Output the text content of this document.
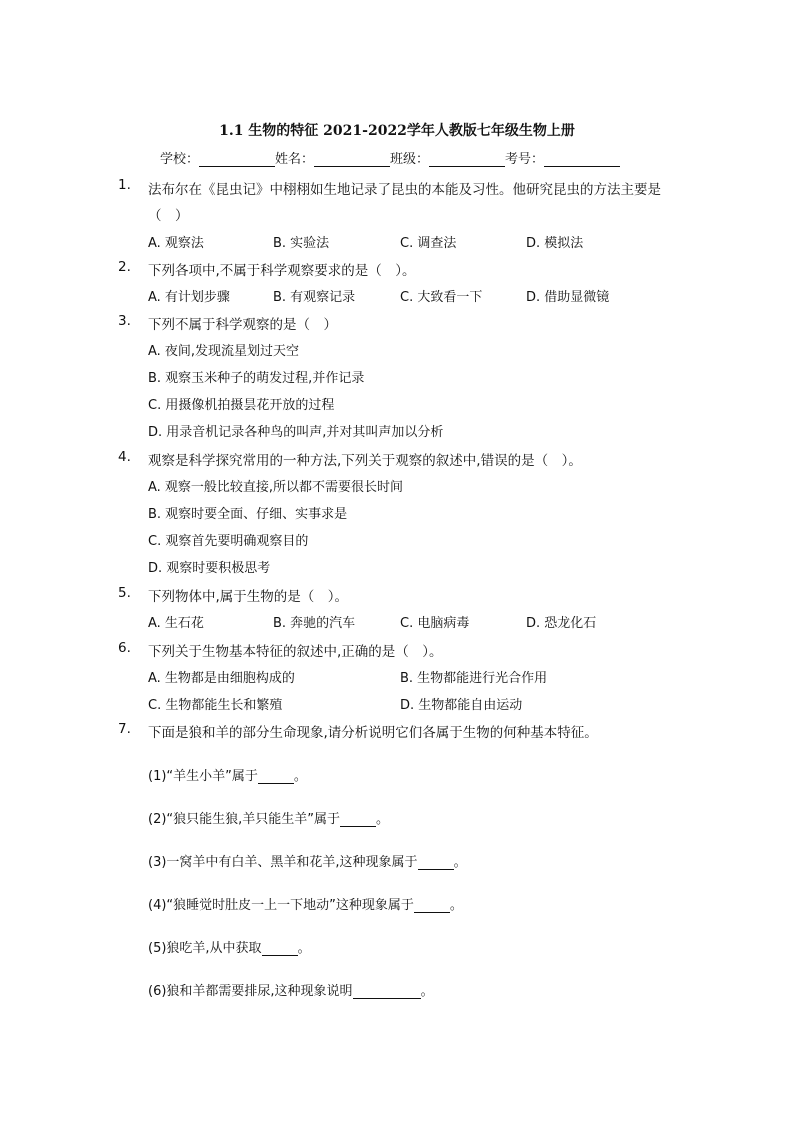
1.1 生物的特征 2021-2022学年人教版七年级生物上册
学校：	姓名：	班级：	考号：
1.	法布尔在《昆虫记》中栩栩如生地记录了昆虫的本能及习性。他研究昆虫的方法主要是（　）
A. 观察法	B. 实验法	C. 调查法	D. 模拟法
2.	下列各项中,不属于科学观察要求的是（　）。
A. 有计划步骤	B. 有观察记录	C. 大致看一下	D. 借助显微镜
3.	下列不属于科学观察的是（　）
A. 夜间,发现流星划过天空
B. 观察玉米种子的萌发过程,并作记录
C. 用摄像机拍摄昙花开放的过程
D. 用录音机记录各种鸟的叫声,并对其叫声加以分析
4.	观察是科学探究常用的一种方法,下列关于观察的叙述中,错误的是（　）。
A. 观察一般比较直接,所以都不需要很长时间
B. 观察时要全面、仔细、实事求是
C. 观察首先要明确观察目的
D. 观察时要积极思考
5.	下列物体中,属于生物的是（　）。
A. 生石花	B. 奔驰的汽车	C. 电脑病毒	D. 恐龙化石
6.	下列关于生物基本特征的叙述中,正确的是（　）。
A. 生物都是由细胞构成的	B. 生物都能进行光合作用
C. 生物都能生长和繁殖	D. 生物都能自由运动
7.	下面是狼和羊的部分生命现象,请分析说明它们各属于生物的何种基本特征。
(1)“羊生小羊”属于	。
(2)“狼只能生狼,羊只能生羊”属于	。
(3)一窝羊中有白羊、黑羊和花羊,这种现象属于	。
(4)“狼睡觉时肚皮一上一下地动”这种现象属于	。
(5)狼吃羊,从中获取	。
(6)狼和羊都需要排尿,这种现象说明	。
